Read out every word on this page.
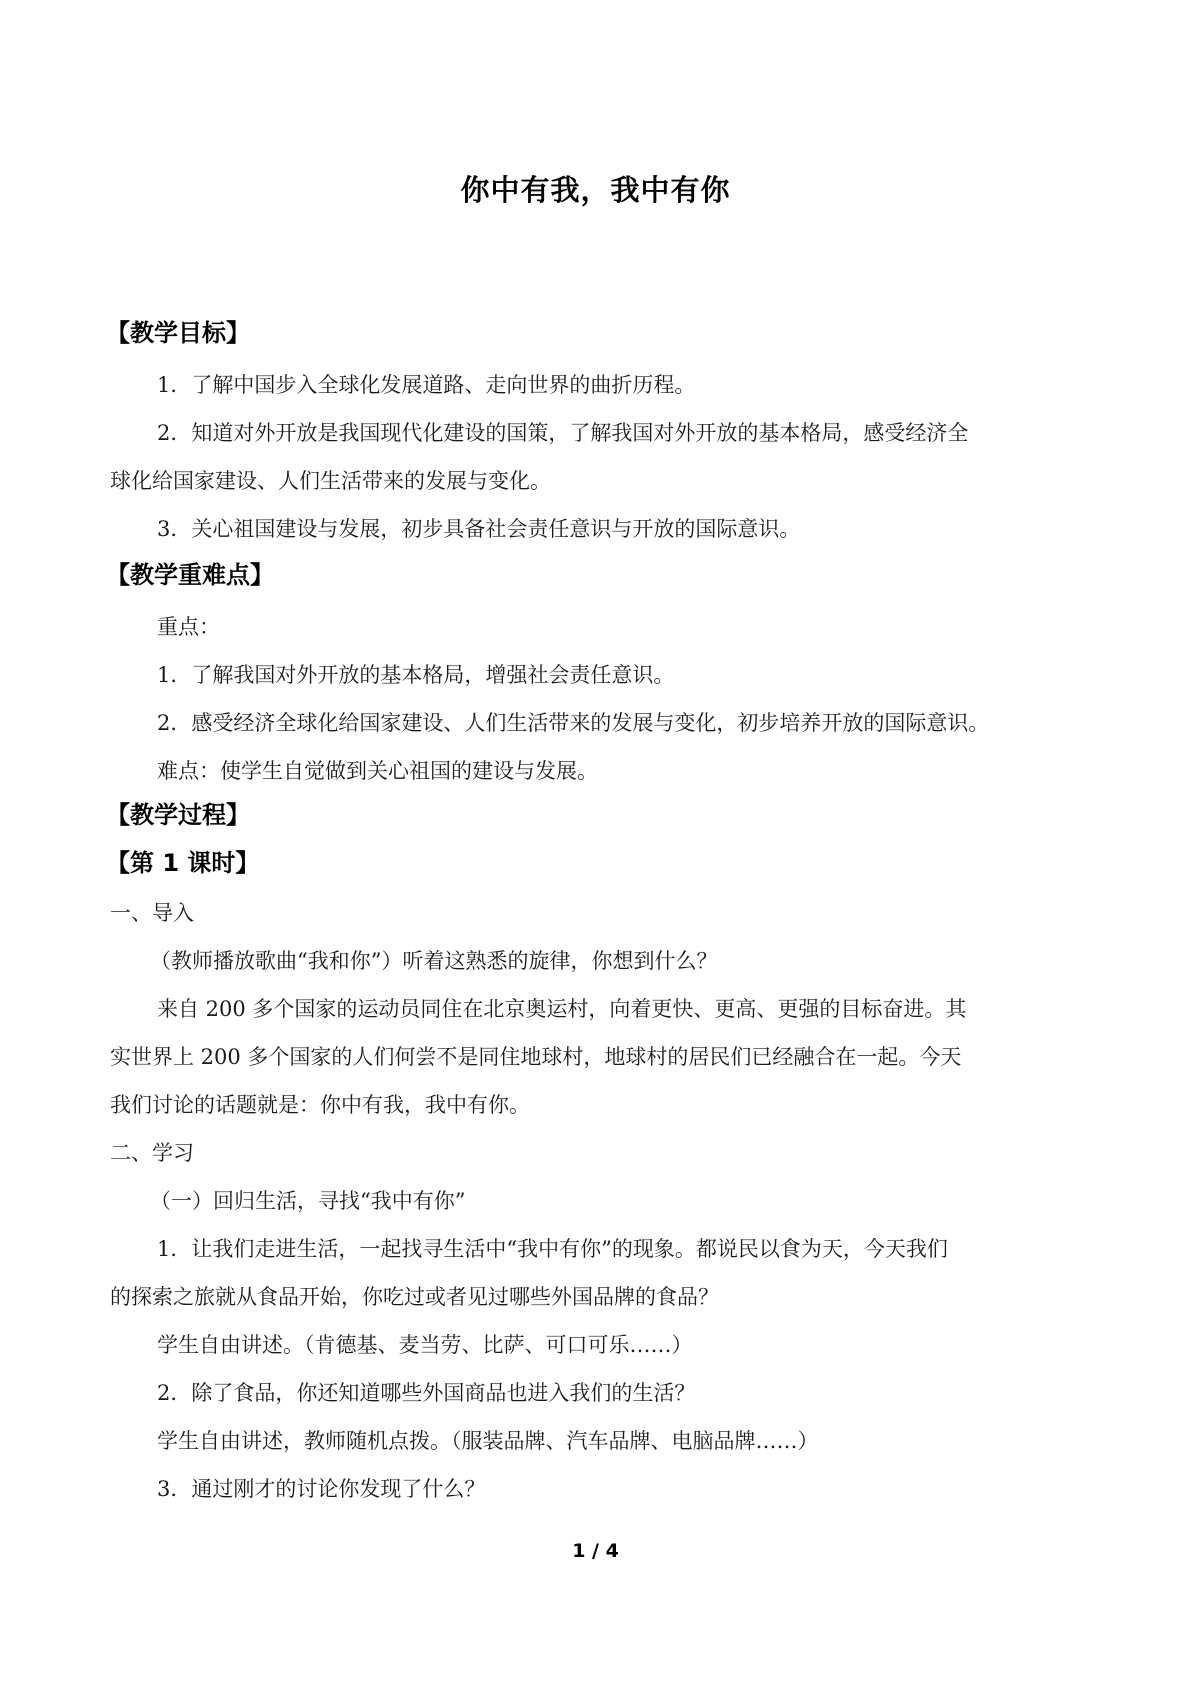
你中有我，我中有你
【教学目标】
1．了解中国步入全球化发展道路、走向世界的曲折历程。
2．知道对外开放是我国现代化建设的国策，了解我国对外开放的基本格局，感受经济全
球化给国家建设、人们生活带来的发展与变化。
3．关心祖国建设与发展，初步具备社会责任意识与开放的国际意识。
【教学重难点】
重点：
1．了解我国对外开放的基本格局，增强社会责任意识。
2．感受经济全球化给国家建设、人们生活带来的发展与变化，初步培养开放的国际意识。
难点：使学生自觉做到关心祖国的建设与发展。
【教学过程】
【第 1 课时】
一、导入
（教师播放歌曲“我和你”）听着这熟悉的旋律，你想到什么？
来自 200 多个国家的运动员同住在北京奥运村，向着更快、更高、更强的目标奋进。其
实世界上 200 多个国家的人们何尝不是同住地球村，地球村的居民们已经融合在一起。今天
我们讨论的话题就是：你中有我，我中有你。
二、学习
（一）回归生活，寻找“我中有你”
1．让我们走进生活，一起找寻生活中“我中有你”的现象。都说民以食为天，今天我们
的探索之旅就从食品开始，你吃过或者见过哪些外国品牌的食品？
学生自由讲述。（肯德基、麦当劳、比萨、可口可乐……）
2．除了食品，你还知道哪些外国商品也进入我们的生活？
学生自由讲述，教师随机点拨。（服装品牌、汽车品牌、电脑品牌……）
3．通过刚才的讨论你发现了什么？
1 / 4
